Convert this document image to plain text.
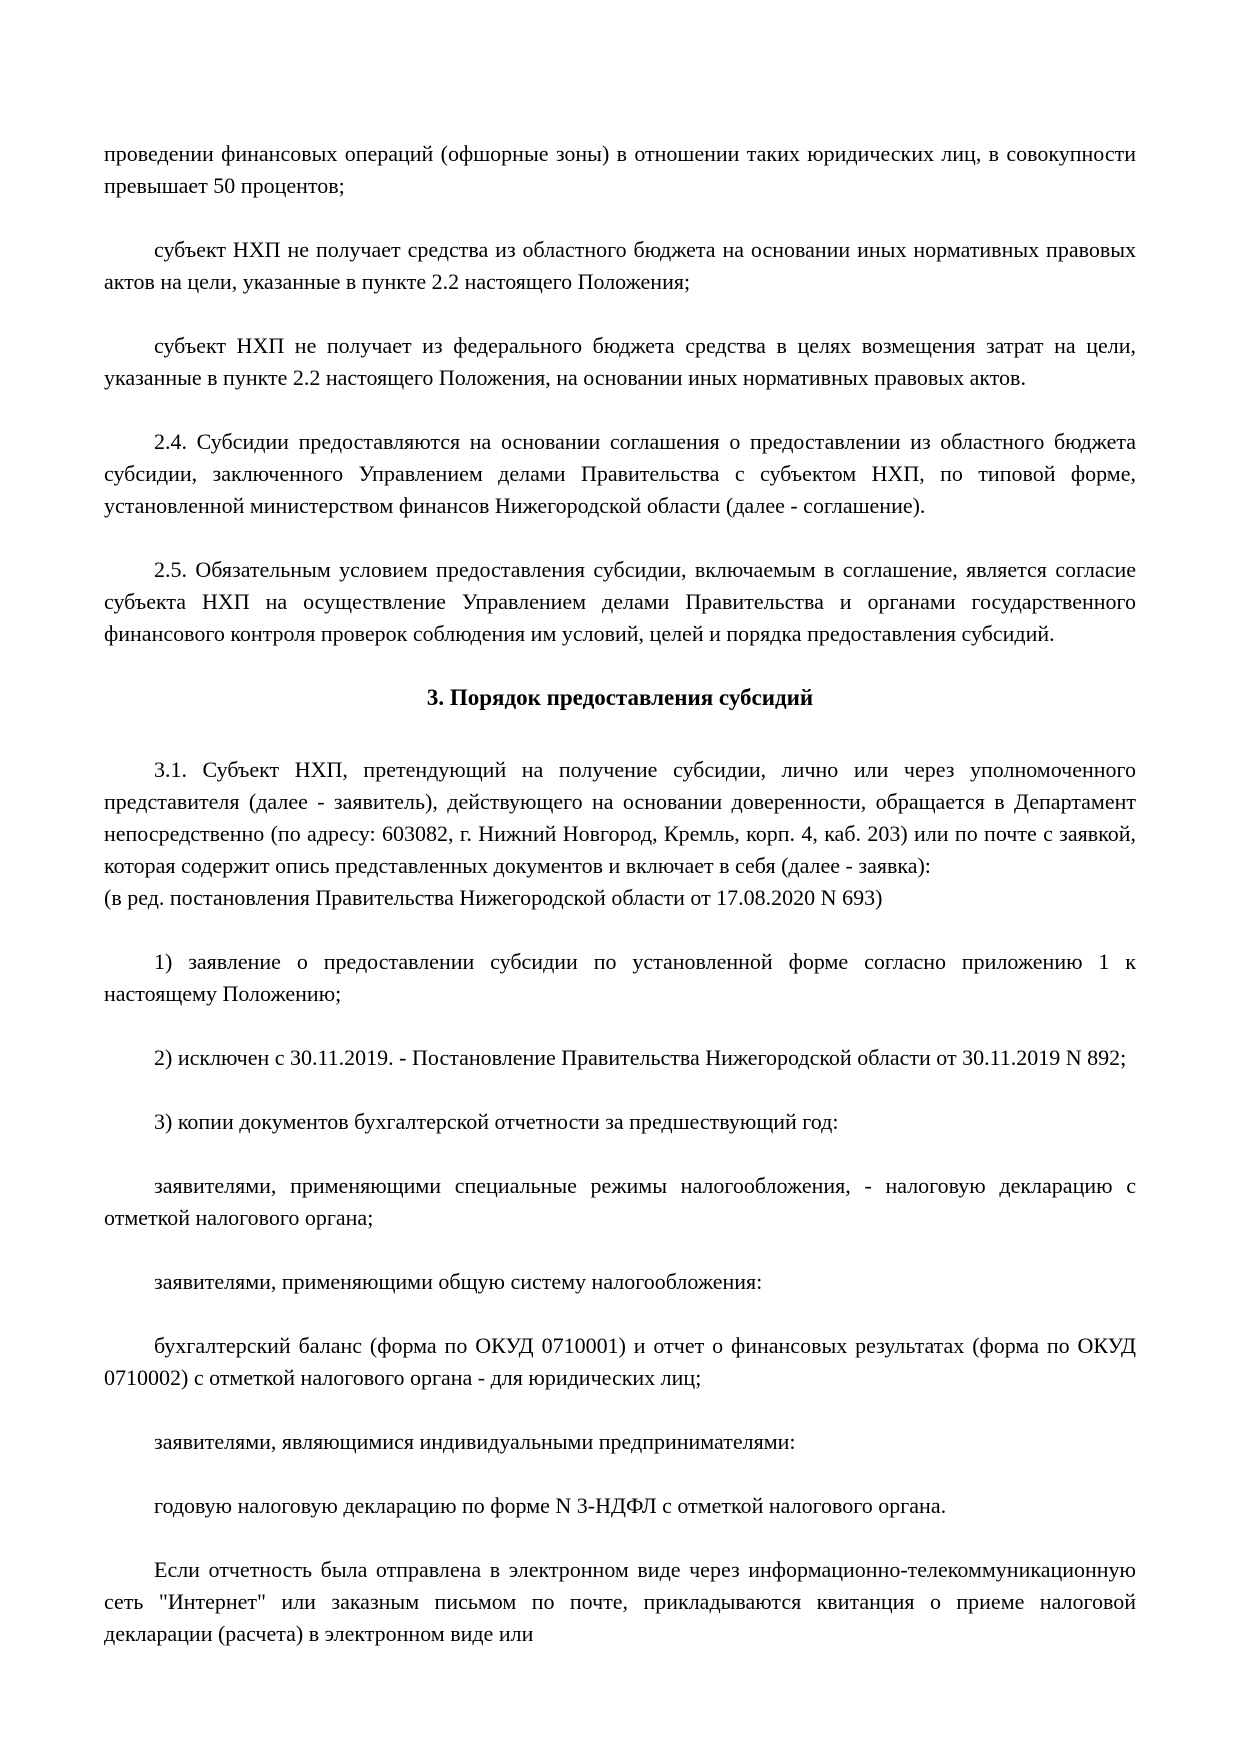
проведении финансовых операций (офшорные зоны) в отношении таких юридических лиц, в совокупности превышает 50 процентов;

субъект НХП не получает средства из областного бюджета на основании иных нормативных правовых актов на цели, указанные в пункте 2.2 настоящего Положения;

субъект НХП не получает из федерального бюджета средства в целях возмещения затрат на цели, указанные в пункте 2.2 настоящего Положения, на основании иных нормативных правовых актов.

2.4. Субсидии предоставляются на основании соглашения о предоставлении из областного бюджета субсидии, заключенного Управлением делами Правительства с субъектом НХП, по типовой форме, установленной министерством финансов Нижегородской области (далее - соглашение).

2.5. Обязательным условием предоставления субсидии, включаемым в соглашение, является согласие субъекта НХП на осуществление Управлением делами Правительства и органами государственного финансового контроля проверок соблюдения им условий, целей и порядка предоставления субсидий.

3. Порядок предоставления субсидий

3.1. Субъект НХП, претендующий на получение субсидии, лично или через уполномоченного представителя (далее - заявитель), действующего на основании доверенности, обращается в Департамент непосредственно (по адресу: 603082, г. Нижний Новгород, Кремль, корп. 4, каб. 203) или по почте с заявкой, которая содержит опись представленных документов и включает в себя (далее - заявка):

(в ред. постановления Правительства Нижегородской области от 17.08.2020 N 693)

1) заявление о предоставлении субсидии по установленной форме согласно приложению 1 к настоящему Положению;

2) исключен с 30.11.2019. - Постановление Правительства Нижегородской области от 30.11.2019 N 892;

3) копии документов бухгалтерской отчетности за предшествующий год:

заявителями, применяющими специальные режимы налогообложения, - налоговую декларацию с отметкой налогового органа;

заявителями, применяющими общую систему налогообложения:

бухгалтерский баланс (форма по ОКУД 0710001) и отчет о финансовых результатах (форма по ОКУД 0710002) с отметкой налогового органа - для юридических лиц;

заявителями, являющимися индивидуальными предпринимателями:

годовую налоговую декларацию по форме N 3-НДФЛ с отметкой налогового органа.

Если отчетность была отправлена в электронном виде через информационно-телекоммуникационную сеть "Интернет" или заказным письмом по почте, прикладываются квитанция о приеме налоговой декларации (расчета) в электронном виде или
